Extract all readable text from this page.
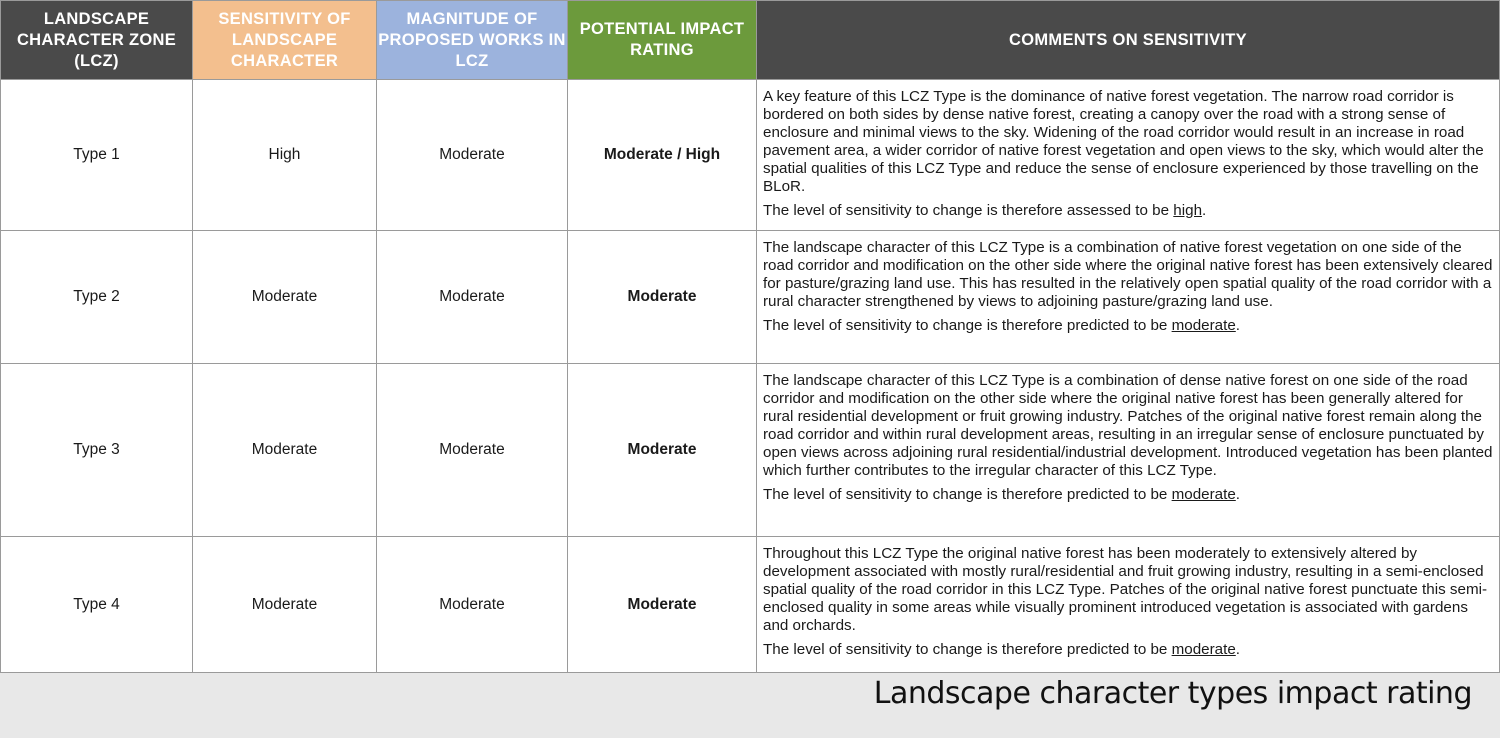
LANDSCAPE CHARACTER ZONE (LCZ)	SENSITIVITY OF LANDSCAPE CHARACTER	MAGNITUDE OF PROPOSED WORKS IN LCZ	POTENTIAL IMPACT RATING	COMMENTS ON SENSITIVITY
Type 1	High	Moderate	Moderate / High	A key feature of this LCZ Type is the dominance of native forest vegetation. The narrow road corridor is bordered on both sides by dense native forest, creating a canopy over the road with a strong sense of enclosure and minimal views to the sky. Widening of the road corridor would result in an increase in road pavement area, a wider corridor of native forest vegetation and open views to the sky, which would alter the spatial qualities of this LCZ Type and reduce the sense of enclosure experienced by those travelling on the BLoR.

The level of sensitivity to change is therefore assessed to be high.

Type 2	Moderate	Moderate	Moderate	The landscape character of this LCZ Type is a combination of native forest vegetation on one side of the road corridor and modification on the other side where the original native forest has been extensively cleared for pasture/grazing land use. This has resulted in the relatively open spatial quality of the road corridor with a rural character strengthened by views to adjoining pasture/grazing land use.

The level of sensitivity to change is therefore predicted to be moderate.

Type 3	Moderate	Moderate	Moderate	The landscape character of this LCZ Type is a combination of dense native forest on one side of the road corridor and modification on the other side where the original native forest has been generally altered for rural residential development or fruit growing industry. Patches of the original native forest remain along the road corridor and within rural development areas, resulting in an irregular sense of enclosure punctuated by open views across adjoining rural residential/industrial development. Introduced vegetation has been planted which further contributes to the irregular character of this LCZ Type.

The level of sensitivity to change is therefore predicted to be moderate.

Type 4	Moderate	Moderate	Moderate	Throughout this LCZ Type the original native forest has been moderately to extensively altered by development associated with mostly rural/residential and fruit growing industry, resulting in a semi-enclosed spatial quality of the road corridor in this LCZ Type. Patches of the original native forest punctuate this semi-enclosed quality in some areas while visually prominent introduced vegetation is associated with gardens and orchards.

The level of sensitivity to change is therefore predicted to be moderate.

Landscape character types impact rating
